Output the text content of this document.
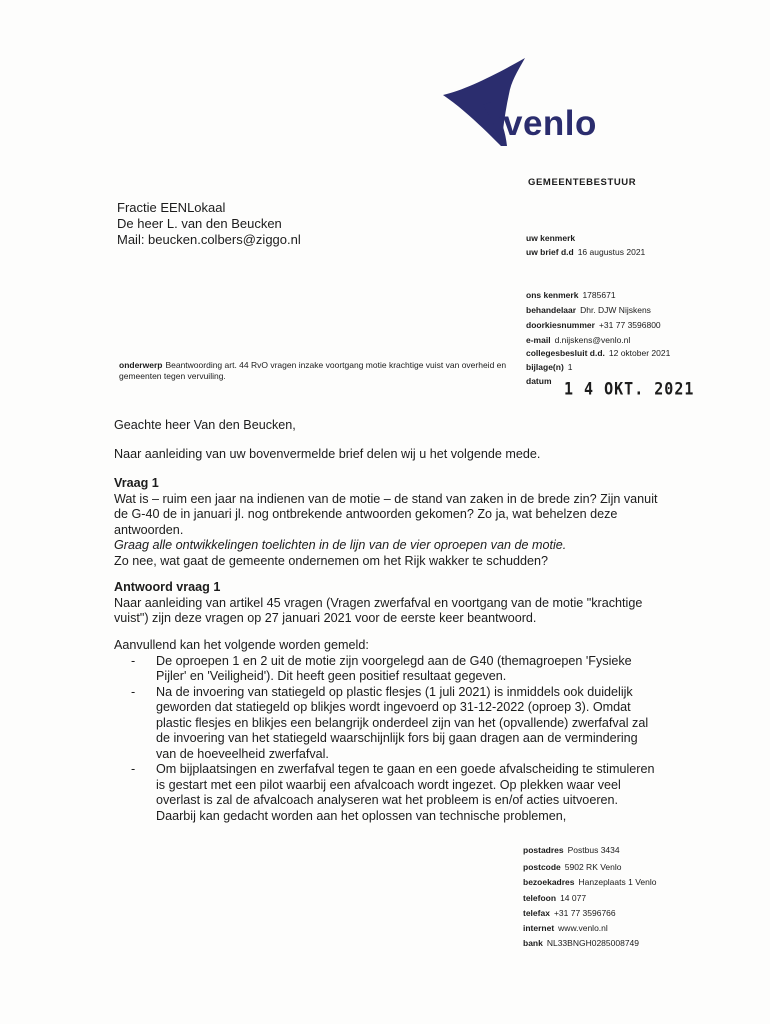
venlo
GEMEENTEBESTUUR
Fractie EENLokaal
De heer L. van den Beucken
Mail: beucken.colbers@ziggo.nl	uw kenmerk
uw brief d.d 16 augustus 2021
ons kenmerk 1785671
behandelaar Dhr. DJW Nijskens
doorkiesnummer +31 77 3596800
e-mail d.nijskens@venlo.nl
collegesbesluit d.d. 12 oktober 2021
bijlage(n) 1
datum 1 4 OKT. 2021
onderwerp Beantwoording art. 44 RvO vragen inzake voortgang motie krachtige vuist van overheid en gemeenten tegen vervuiling.
Geachte heer Van den Beucken,
Naar aanleiding van uw bovenvermelde brief delen wij u het volgende mede.
Vraag 1
Wat is – ruim een jaar na indienen van de motie – de stand van zaken in de brede zin? Zijn vanuit de G-40 de in januari jl. nog ontbrekende antwoorden gekomen? Zo ja, wat behelzen deze antwoorden.
Graag alle ontwikkelingen toelichten in de lijn van de vier oproepen van de motie.
Zo nee, wat gaat de gemeente ondernemen om het Rijk wakker te schudden?
Antwoord vraag 1
Naar aanleiding van artikel 45 vragen (Vragen zwerfafval en voortgang van de motie "krachtige vuist") zijn deze vragen op 27 januari 2021 voor de eerste keer beantwoord.
Aanvullend kan het volgende worden gemeld:
- De oproepen 1 en 2 uit de motie zijn voorgelegd aan de G40 (themagroepen 'Fysieke Pijler' en 'Veiligheid'). Dit heeft geen positief resultaat gegeven.
- Na de invoering van statiegeld op plastic flesjes (1 juli 2021) is inmiddels ook duidelijk geworden dat statiegeld op blikjes wordt ingevoerd op 31-12-2022 (oproep 3). Omdat plastic flesjes en blikjes een belangrijk onderdeel zijn van het (opvallende) zwerfafval zal de invoering van het statiegeld waarschijnlijk fors bij gaan dragen aan de vermindering van de hoeveelheid zwerfafval.
- Om bijplaatsingen en zwerfafval tegen te gaan en een goede afvalscheiding te stimuleren is gestart met een pilot waarbij een afvalcoach wordt ingezet. Op plekken waar veel overlast is zal de afvalcoach analyseren wat het probleem is en/of acties uitvoeren. Daarbij kan gedacht worden aan het oplossen van technische problemen,
postadres Postbus 3434
postcode 5902 RK Venlo
bezoekadres Hanzeplaats 1 Venlo
telefoon 14 077
telefax +31 77 3596766
internet www.venlo.nl
bank NL33BNGH0285008749
